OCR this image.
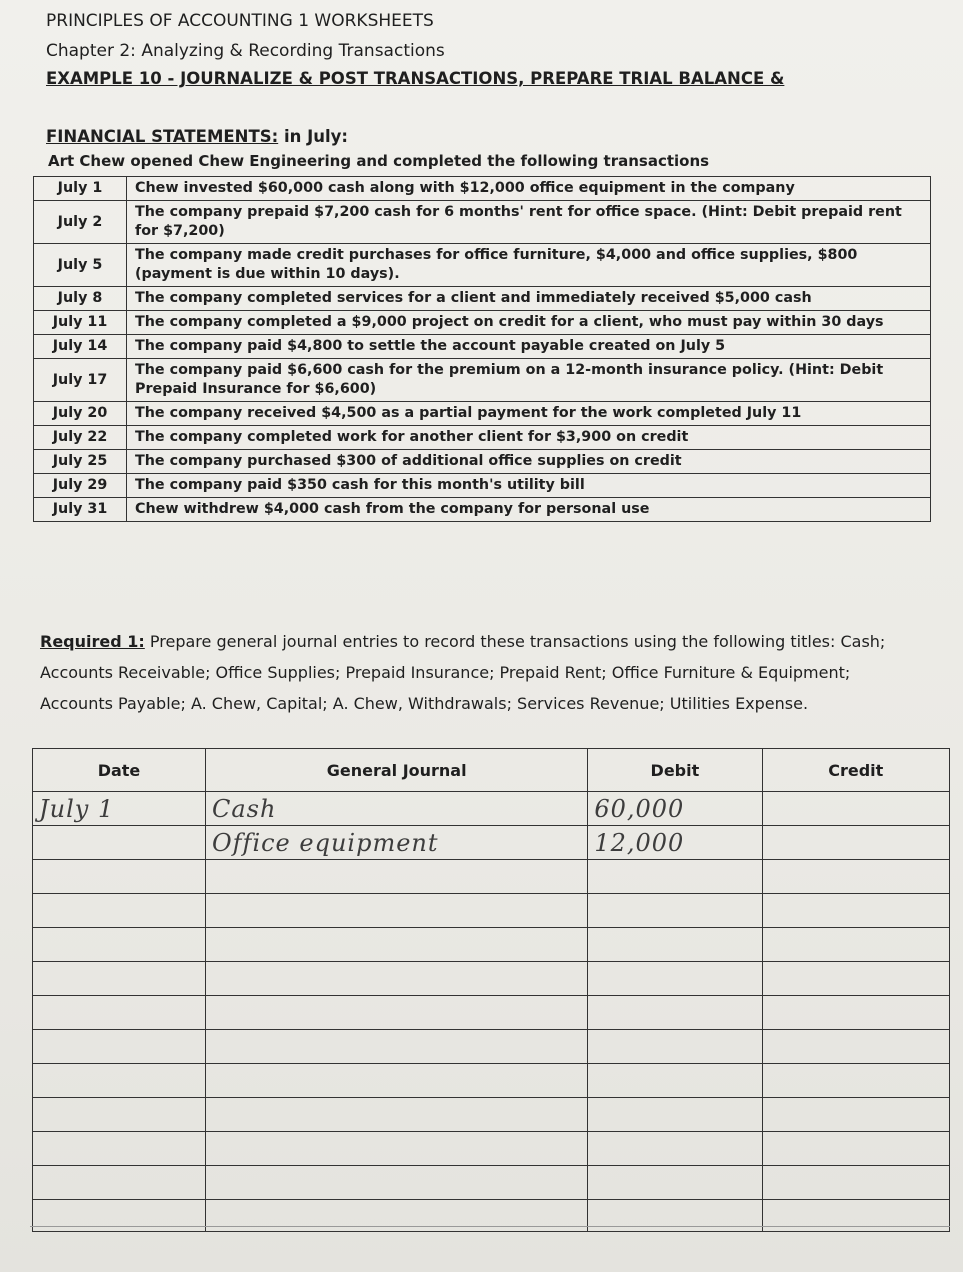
PRINCIPLES OF ACCOUNTING 1 WORKSHEETS
Chapter 2: Analyzing & Recording Transactions
EXAMPLE 10 - JOURNALIZE & POST TRANSACTIONS, PREPARE TRIAL BALANCE &
FINANCIAL STATEMENTS: in July:
Art Chew opened Chew Engineering and completed the following transactions
July 1	Chew invested $60,000 cash along with $12,000 office equipment in the company
July 2	The company prepaid $7,200 cash for 6 months' rent for office space. (Hint: Debit prepaid rent for $7,200)
July 5	The company made credit purchases for office furniture, $4,000 and office supplies, $800 (payment is due within 10 days).
July 8	The company completed services for a client and immediately received $5,000 cash
July 11	The company completed a $9,000 project on credit for a client, who must pay within 30 days
July 14	The company paid $4,800 to settle the account payable created on July 5
July 17	The company paid $6,600 cash for the premium on a 12-month insurance policy. (Hint: Debit Prepaid Insurance for $6,600)
July 20	The company received $4,500 as a partial payment for the work completed July 11
July 22	The company completed work for another client for $3,900 on credit
July 25	The company purchased $300 of additional office supplies on credit
July 29	The company paid $350 cash for this month's utility bill
July 31	Chew withdrew $4,000 cash from the company for personal use
Required 1: Prepare general journal entries to record these transactions using the following titles: Cash; Accounts Receivable; Office Supplies; Prepaid Insurance; Prepaid Rent; Office Furniture & Equipment; Accounts Payable; A. Chew, Capital; A. Chew, Withdrawals; Services Revenue; Utilities Expense.
Date	General Journal	Debit	Credit
July 1	Cash	60,000	
	Office equipment	12,000	
